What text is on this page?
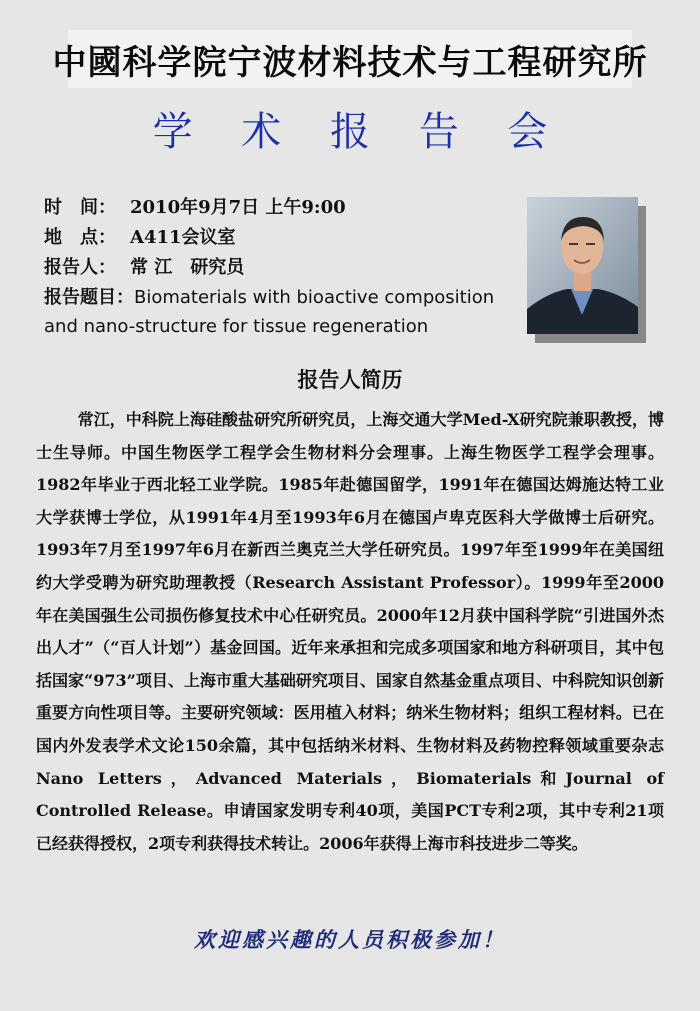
中國科学院宁波材料技术与工程研究所
学 术 报 告 会
时　间： 2010年9月7日 上午9:00
地　点： A411会议室
报告人： 常 江　研究员
报告题目：Biomaterials with bioactive composition and nano-structure for tissue regeneration
报告人简历
常江，中科院上海硅酸盐研究所研究员，上海交通大学Med-X研究院兼职教授，博士生导师。中国生物医学工程学会生物材料分会理事。上海生物医学工程学会理事。1982年毕业于西北轻工业学院。1985年赴德国留学，1991年在德国达姆施达特工业大学获博士学位，从1991年4月至1993年6月在德国卢卑克医科大学做博士后研究。1993年7月至1997年6月在新西兰奥克兰大学任研究员。1997年至1999年在美国纽约大学受聘为研究助理教授（Research Assistant Professor）。1999年至2000年在美国强生公司损伤修复技术中心任研究员。2000年12月获中国科学院“引进国外杰出人才”（“百人计划”）基金回国。近年来承担和完成多项国家和地方科研项目，其中包括国家“973”项目、上海市重大基础研究项目、国家自然基金重点项目、中科院知识创新重要方向性项目等。主要研究领域：医用植入材料；纳米生物材料；组织工程材料。已在国内外发表学术文论150余篇，其中包括纳米材料、生物材料及药物控释领域重要杂志Nano Letters，Advanced Materials，Biomaterials和Journal of Controlled Release。申请国家发明专利40项，美国PCT专利2项，其中专利21项已经获得授权，2项专利获得技术转让。2006年获得上海市科技进步二等奖。
欢迎感兴趣的人员积极参加！
